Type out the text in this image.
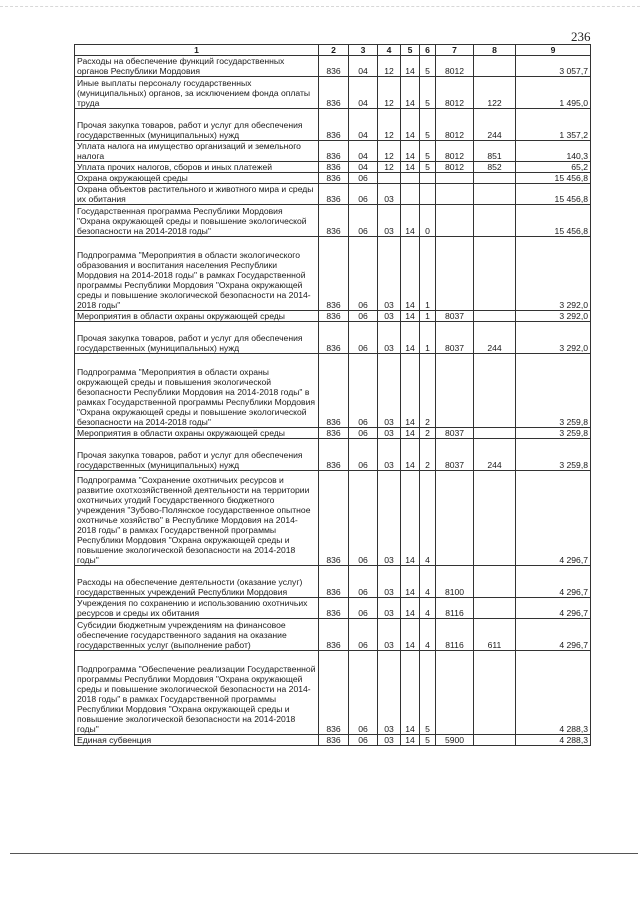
236
1	2	3	4	5	6	7	8	9
Расходы на обеспечение функций государственных органов Республики Мордовия	836	04	12	14	5	8012		3 057,7
Иные выплаты персоналу государственных (муниципальных) органов, за исключением фонда оплаты труда	836	04	12	14	5	8012	122	1 495,0
Прочая закупка товаров, работ и услуг для обеспечения государственных (муниципальных) нужд	836	04	12	14	5	8012	244	1 357,2
Уплата налога на имущество организаций и земельного налога	836	04	12	14	5	8012	851	140,3
Уплата прочих налогов, сборов и иных платежей	836	04	12	14	5	8012	852	65,2
Охрана окружающей среды	836	06						15 456,8
Охрана объектов растительного и животного мира и среды их обитания	836	06	03					15 456,8
Государственная программа Республики Мордовия "Охрана окружающей среды и повышение экологической безопасности на 2014-2018 годы"	836	06	03	14	0			15 456,8
Подпрограмма "Мероприятия в области экологического образования и воспитания населения Республики Мордовия на 2014-2018 годы" в рамках Государственной программы Республики Мордовия "Охрана окружающей среды и повышение экологической безопасности на 2014-2018 годы"	836	06	03	14	1			3 292,0
Мероприятия в области охраны окружающей среды	836	06	03	14	1	8037		3 292,0
Прочая закупка товаров, работ и услуг для обеспечения государственных (муниципальных) нужд	836	06	03	14	1	8037	244	3 292,0
Подпрограмма "Мероприятия в области охраны окружающей среды и повышения экологической безопасности Республики Мордовия на 2014-2018 годы" в рамках Государственной программы Республики Мордовия "Охрана окружающей среды и повышение экологической безопасности на 2014-2018 годы"	836	06	03	14	2			3 259,8
Мероприятия в области охраны окружающей среды	836	06	03	14	2	8037		3 259,8
Прочая закупка товаров, работ и услуг для обеспечения государственных (муниципальных) нужд	836	06	03	14	2	8037	244	3 259,8
Подпрограмма "Сохранение охотничьих ресурсов и развитие охотхозяйственной деятельности на территории охотничьих угодий Государственного бюджетного учреждения "Зубово-Полянское государственное опытное охотничье хозяйство" в Республике Мордовия на 2014-2018 годы" в рамках Государственной программы Республики Мордовия "Охрана окружающей среды и повышение экологической безопасности на 2014-2018 годы"	836	06	03	14	4			4 296,7
Расходы на обеспечение деятельности (оказание услуг) государственных учреждений Республики Мордовия	836	06	03	14	4	8100		4 296,7
Учреждения по сохранению и использованию охотничьих ресурсов и среды их обитания	836	06	03	14	4	8116		4 296,7
Субсидии бюджетным учреждениям на финансовое обеспечение государственного задания на оказание государственных услуг (выполнение работ)	836	06	03	14	4	8116	611	4 296,7
Подпрограмма "Обеспечение реализации Государственной программы Республики Мордовия "Охрана окружающей среды и повышение экологической безопасности на 2014-2018 годы" в рамках Государственной программы Республики Мордовия "Охрана окружающей среды и повышение экологической безопасности на 2014-2018 годы"	836	06	03	14	5			4 288,3
Единая субвенция	836	06	03	14	5	5900		4 288,3
